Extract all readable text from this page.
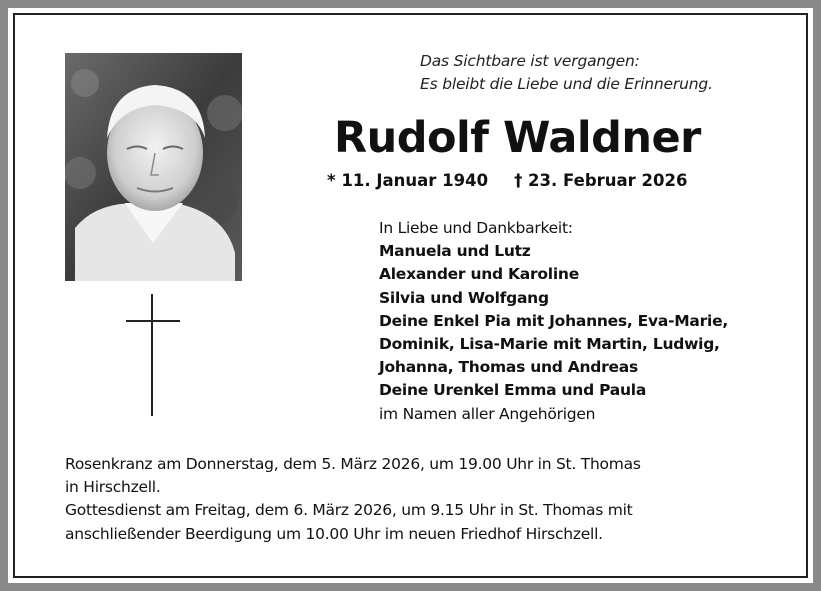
Das Sichtbare ist vergangen:
Es bleibt die Liebe und die Erinnerung.
Rudolf Waldner
* 11. Januar 1940 † 23. Februar 2026
In Liebe und Dankbarkeit:
Manuela und Lutz
Alexander und Karoline
Silvia und Wolfgang
Deine Enkel Pia mit Johannes, Eva-Marie,
Dominik, Lisa-Marie mit Martin, Ludwig,
Johanna, Thomas und Andreas
Deine Urenkel Emma und Paula
im Namen aller Angehörigen
Rosenkranz am Donnerstag, dem 5. März 2026, um 19.00 Uhr in St. Thomas
in Hirschzell.
Gottesdienst am Freitag, dem 6. März 2026, um 9.15 Uhr in St. Thomas mit
anschließender Beerdigung um 10.00 Uhr im neuen Friedhof Hirschzell.
